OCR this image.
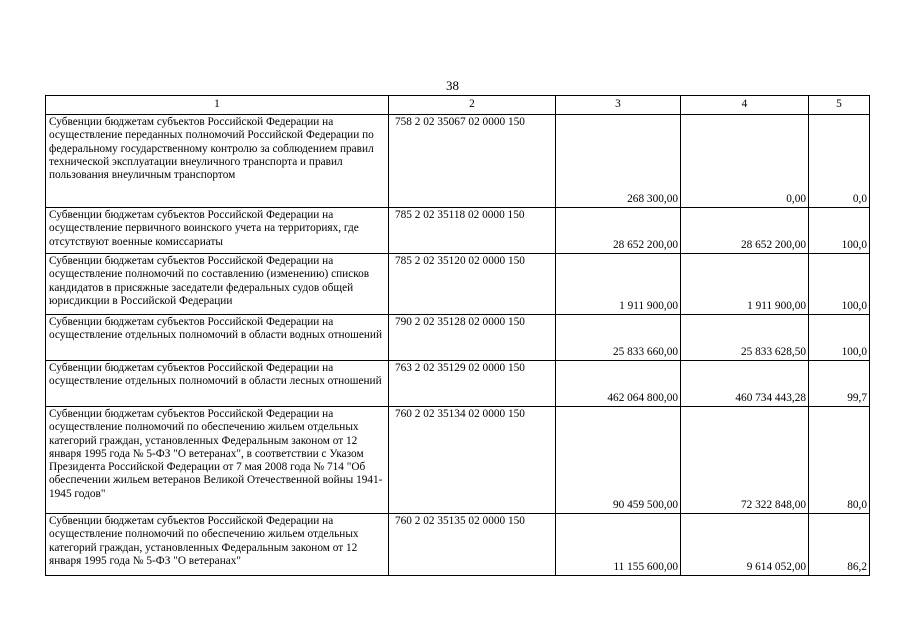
38
1	2	3	4	5
Субвенции бюджетам субъектов Российской Федерации на осуществление переданных полномочий Российской Федерации по федеральному государственному контролю за соблюдением правил технической эксплуатации внеуличного транспорта и правил пользования внеуличным транспортом	758 2 02 35067 02 0000 150	268 300,00	0,00	0,0
Субвенции бюджетам субъектов Российской Федерации на осуществление первичного воинского учета на территориях, где отсутствуют военные комиссариаты	785 2 02 35118 02 0000 150	28 652 200,00	28 652 200,00	100,0
Субвенции бюджетам субъектов Российской Федерации на осуществление полномочий по составлению (изменению) списков кандидатов в присяжные заседатели федеральных судов общей юрисдикции в Российской Федерации	785 2 02 35120 02 0000 150	1 911 900,00	1 911 900,00	100,0
Субвенции бюджетам субъектов Российской Федерации на осуществление отдельных полномочий в области водных отношений	790 2 02 35128 02 0000 150	25 833 660,00	25 833 628,50	100,0
Субвенции бюджетам субъектов Российской Федерации на осуществление отдельных полномочий в области лесных отношений	763 2 02 35129 02 0000 150	462 064 800,00	460 734 443,28	99,7
Субвенции бюджетам субъектов Российской Федерации на осуществление полномочий по обеспечению жильем отдельных категорий граждан, установленных Федеральным законом от 12 января 1995 года № 5-ФЗ "О ветеранах", в соответствии с Указом Президента Российской Федерации от 7 мая 2008 года № 714 "Об обеспечении жильем ветеранов Великой Отечественной войны 1941-1945 годов"	760 2 02 35134 02 0000 150	90 459 500,00	72 322 848,00	80,0
Субвенции бюджетам субъектов Российской Федерации на осуществление полномочий по обеспечению жильем отдельных категорий граждан, установленных Федеральным законом от 12 января 1995 года № 5-ФЗ "О ветеранах"	760 2 02 35135 02 0000 150	11 155 600,00	9 614 052,00	86,2
